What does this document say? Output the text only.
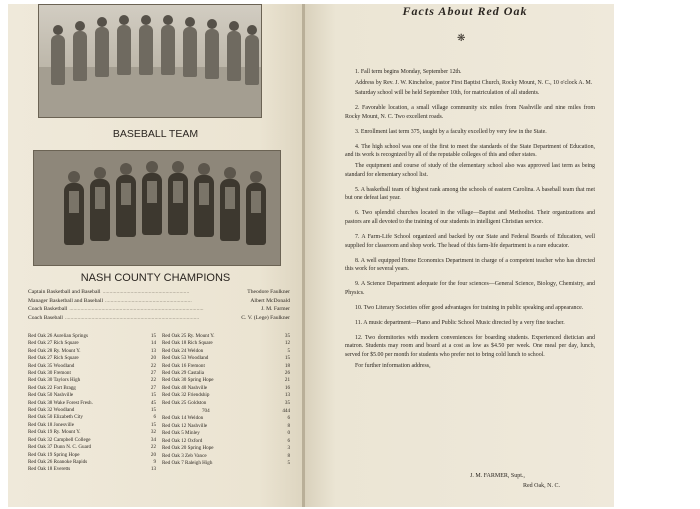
BASEBALL TEAM
NASH COUNTY CHAMPIONS
Captain Basketball and Baseball ..............................................................	Theodore Faulkner
Manager Basketball and Baseball ..............................................................	Albert McDonald
Coach Basketball ................................................................................................	J. M. Farmer
Coach Baseball ................................................................................................	C. V. (Lege) Faulkner
Red Oak 26 Aurelian Springs	15
Red Oak 27 Rich Square	14
Red Oak 28 Ry. Mount Y.	13
Red Oak 27 Rich Square	20
Red Oak 35 Woodland	22
Red Oak 30 Fremont	27
Red Oak 30 Taylors High	22
Red Oak 22 Fort Bragg	27
Red Oak 50 Nashville	15
Red Oak 38 Wake Forest Fresh.	45
Red Oak 32 Woodland	15
Red Oak 50 Elizabeth City	6
Red Oak 18 Jonesville	15
Red Oak 19 Ry. Mount Y.	32
Red Oak 32 Campbell College	34
Red Oak 37 Dunn N. C. Guard	22
Red Oak 19 Spring Hope	20
Red Oak 26 Roanoke Rapids	9
Red Oak 18 Everetts	13
Red Oak 25 Ry. Mount Y.	35
Red Oak 18 Rich Square	12
Red Oak 24 Weldon	5
Red Oak 53 Woodland	15
Red Oak 16 Fremont	18
Red Oak 29 Castalia	26
Red Oak 30 Spring Hope	21
Red Oak 40 Nashville	16
Red Oak 32 Friendship	13
Red Oak 25 Goldston	35
704	444
Red Oak 14 Weldon	6
Red Oak 12 Nashville	8
Red Oak 5 Minley	0
Red Oak 12 Oxford	6
Red Oak 20 Spring Hope	3
Red Oak 3 Zeb Vance	8
Red Oak 7 Raleigh High	5
Facts About Red Oak
❋

1. Fall term begins Monday, September 12th.

Address by Rev. J. W. Kincheloe, pastor First Baptist Church, Rocky Mount, N. C., 10 o'clock A. M.

Saturday school will be held September 10th, for matriculation of all students.

2. Favorable location, a small village community six miles from Nashville and nine miles from Rocky Mount, N. C. Two excellent roads.

3. Enrollment last term 375, taught by a faculty excelled by very few in the State.

4. The high school was one of the first to meet the standards of the State Department of Education, and its work is recognized by all of the reputable colleges of this and other states.

The equipment and course of study of the elementary school also was approved last term as being standard for elementary school list.

5. A basketball team of highest rank among the schools of eastern Carolina. A baseball team that met but one defeat last year.

6. Two splendid churches located in the village—Baptist and Methodist. Their organizations and pastors are all devoted to the training of our students in intelligent Christian service.

7. A Farm-Life School organized and backed by our State and Federal Boards of Education, well supplied for classroom and shop work. The head of this farm-life department is a rare educator.

8. A well equipped Home Economics Department in charge of a competent teacher who has directed this work for several years.

9. A Science Department adequate for the four sciences—General Science, Biology, Chemistry, and Physics.

10. Two Literary Societies offer good advantages for training in public speaking and appearance.

11. A music department—Piano and Public School Music directed by a very fine teacher.

12. Two dormitories with modern conveniences for boarding students. Experienced dietician and matron. Students may room and board at a cost as low as $4.50 per week. One meal per day, lunch, served for $5.00 per month for students who prefer not to bring cold lunch to school.

For further information address,

J. M. FARMER, Supt.,
Red Oak, N. C.
